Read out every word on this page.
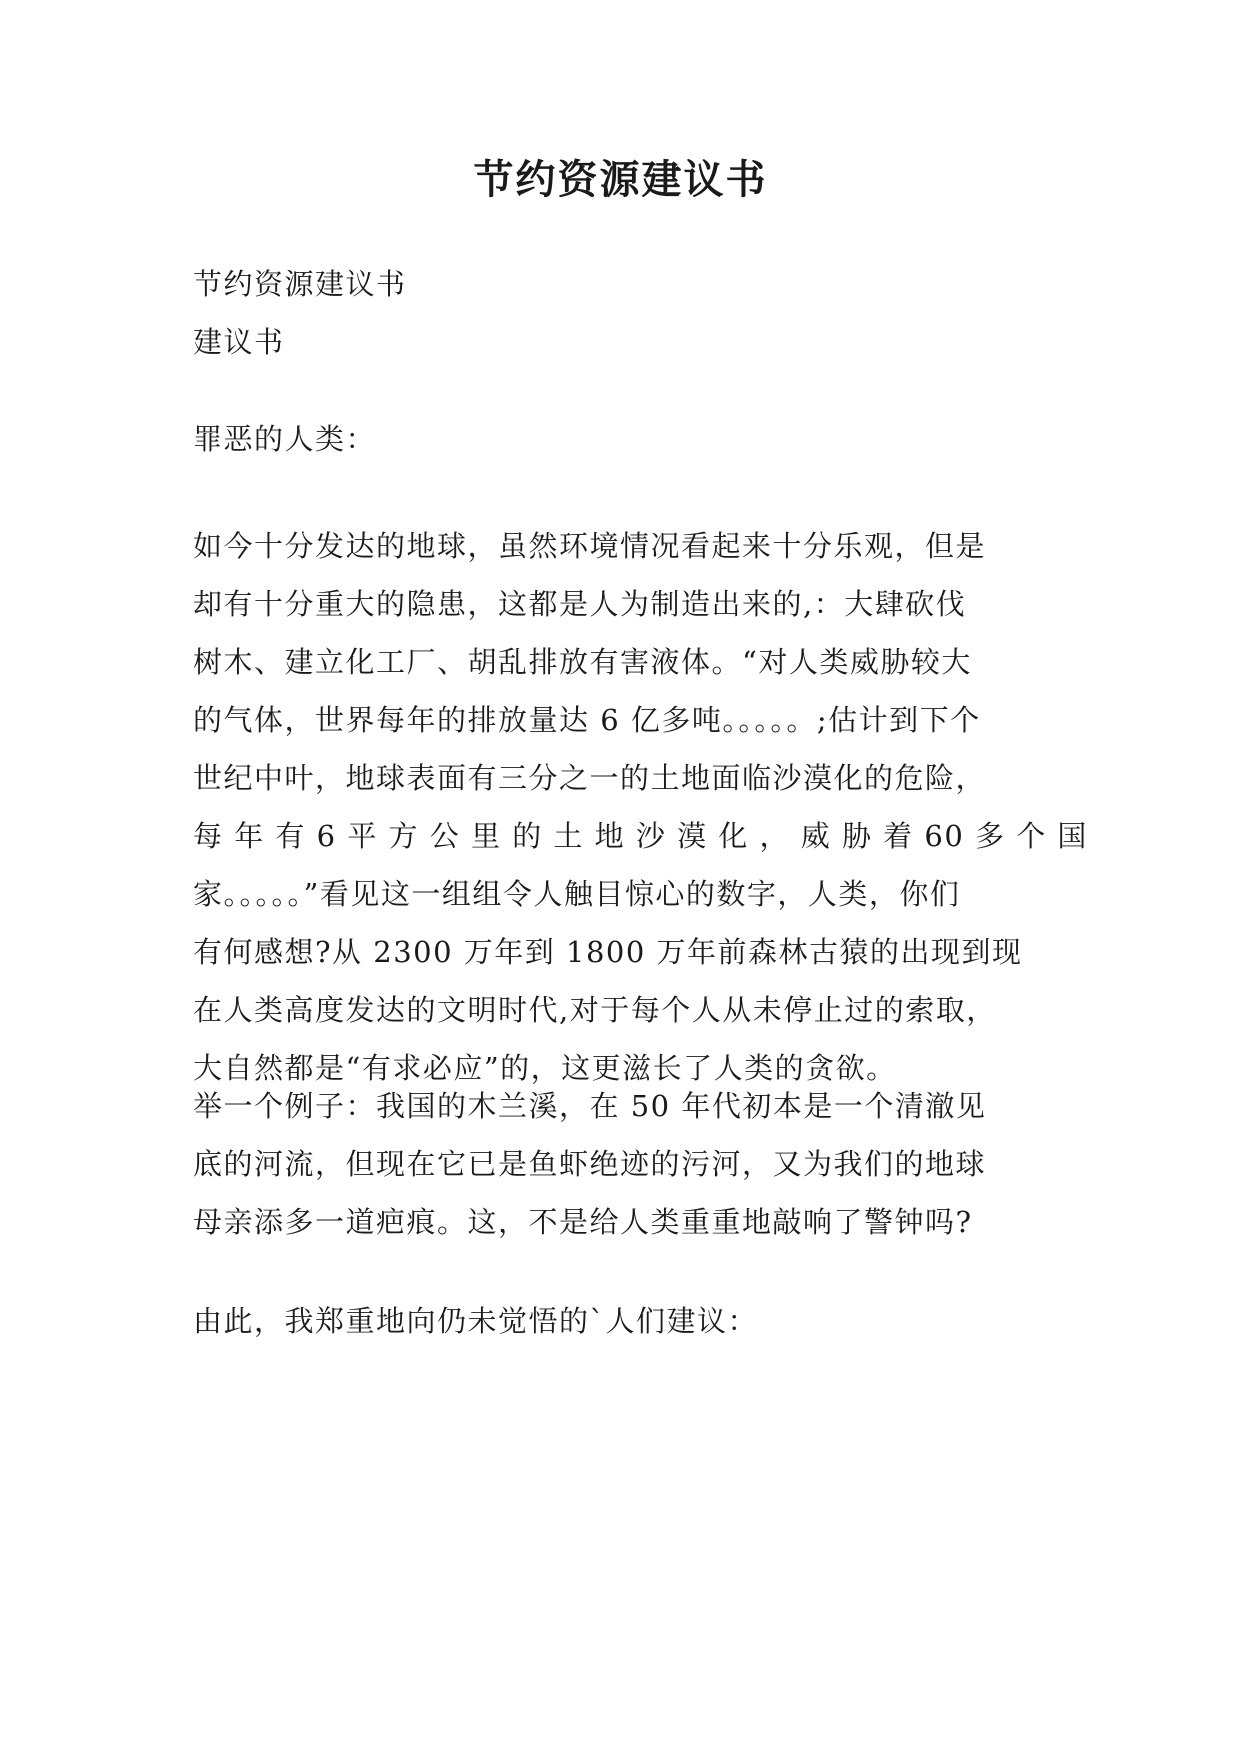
节约资源建议书

节约资源建议书
建议书

罪恶的人类：

如今十分发达的地球，虽然环境情况看起来十分乐观，但是
却有十分重大的隐患，这都是人为制造出来的,：大肆砍伐
树木、建立化工厂、胡乱排放有害液体。“对人类威胁较大
的气体，世界每年的排放量达 6 亿多吨。。。。。;估计到下个
世纪中叶，地球表面有三分之一的土地面临沙漠化的危险，
每 年 有 6 平 方 公 里 的 土 地 沙 漠 化 ， 威 胁 着 60 多 个 国
家。。。。。”看见这一组组令人触目惊心的数字，人类，你们
有何感想?从 2300 万年到 1800 万年前森林古猿的出现到现
在人类高度发达的文明时代,对于每个人从未停止过的索取，
大自然都是“有求必应”的，这更滋长了人类的贪欲。

举一个例子：我国的木兰溪，在 50 年代初本是一个清澈见
底的河流，但现在它已是鱼虾绝迹的污河，又为我们的地球
母亲添多一道疤痕。这，不是给人类重重地敲响了警钟吗?

由此，我郑重地向仍未觉悟的`人们建议：
